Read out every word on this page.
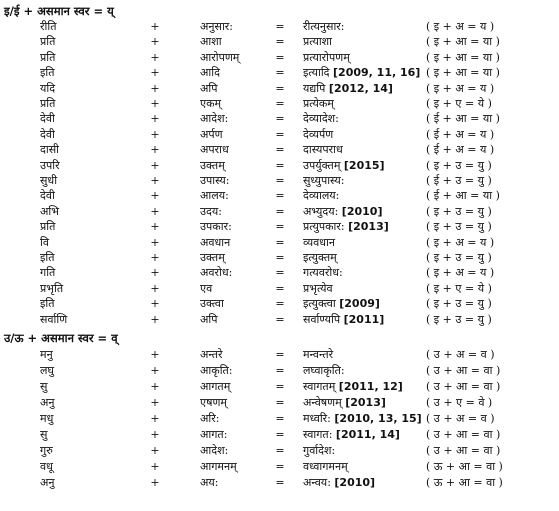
इ/ई + असमान स्वर = य्
रीति	+	अनुसार:	= रीत्यनुसार:	( इ + अ = य )
प्रति	+	आशा	= प्रत्याशा	( इ + आ = या )
प्रति	+	आरोपणम्	= प्रत्यारोपणम्	( इ + आ = या )
इति	+	आदि	= इत्यादि [2009, 11, 16] ( इ + आ = या )
यदि	+	अपि	= यद्यपि [2012, 14]	( इ + अ = य )
प्रति	+	एकम्	= प्रत्येकम्	( इ + ए = ये )
देवी	+	आदेश:	= देव्यादेश:	( ई + आ = या )
देवी	+	अर्पण	= देव्यर्पण	( ई + अ = य )
दासी	+	अपराध	= दास्यपराध	( ई + अ = य )
उपरि	+	उक्तम्	= उपर्युक्तम् [2015]	( इ + उ = यु )
सुधी	+	उपास्य:	= सुध्युपास्य:	( ई + उ = यु )
देवी	+	आलय:	= देव्यालय:	( ई + आ = या )
अभि	+	उदय:	= अभ्युदय: [2010]	( इ + उ = यु )
प्रति	+	उपकार:	= प्रत्युपकार: [2013]	( इ + उ = यु )
वि	+	अवधान	= व्यवधान	( इ + अ = य )
इति	+	उक्तम्	= इत्युक्तम्	( इ + उ = यु )
गति	+	अवरोध:	= गत्यवरोध:	( इ + अ = य )
प्रभृति	+	एव	= प्रभृत्येव	( इ + ए = ये )
इति	+	उक्त्वा	= इत्युक्त्वा [2009]	( इ + उ = यु )
सर्वाणि	+	अपि	= सर्वाण्यपि [2011]	( इ + उ = यु )
उ/ऊ + असमान स्वर = व्
मनु	+	अन्तरे	= मन्वन्तरे	( उ + अ = व )
लघु	+	आकृति:	= लघ्वाकृति:	( उ + आ = वा )
सु	+	आगतम्	= स्वागतम् [2011, 12] ( उ + आ = वा )
अनु	+	एषणम्	= अन्वेषणम् [2013]	( उ + ए = वे )
मधु	+	अरि:	= मध्वरि: [2010, 13, 15] ( उ + अ = व )
सु	+	आगत:	= स्वागत: [2011, 14] ( उ + आ = वा )
गुरु	+	आदेश:	= गुर्वादेश:	( उ + आ = वा )
वधू	+	आगमनम्	= वध्वागमनम्	( ऊ + आ = वा )
अनु	+	अय:	= अन्वय: [2010]	( ऊ + आ = वा )
